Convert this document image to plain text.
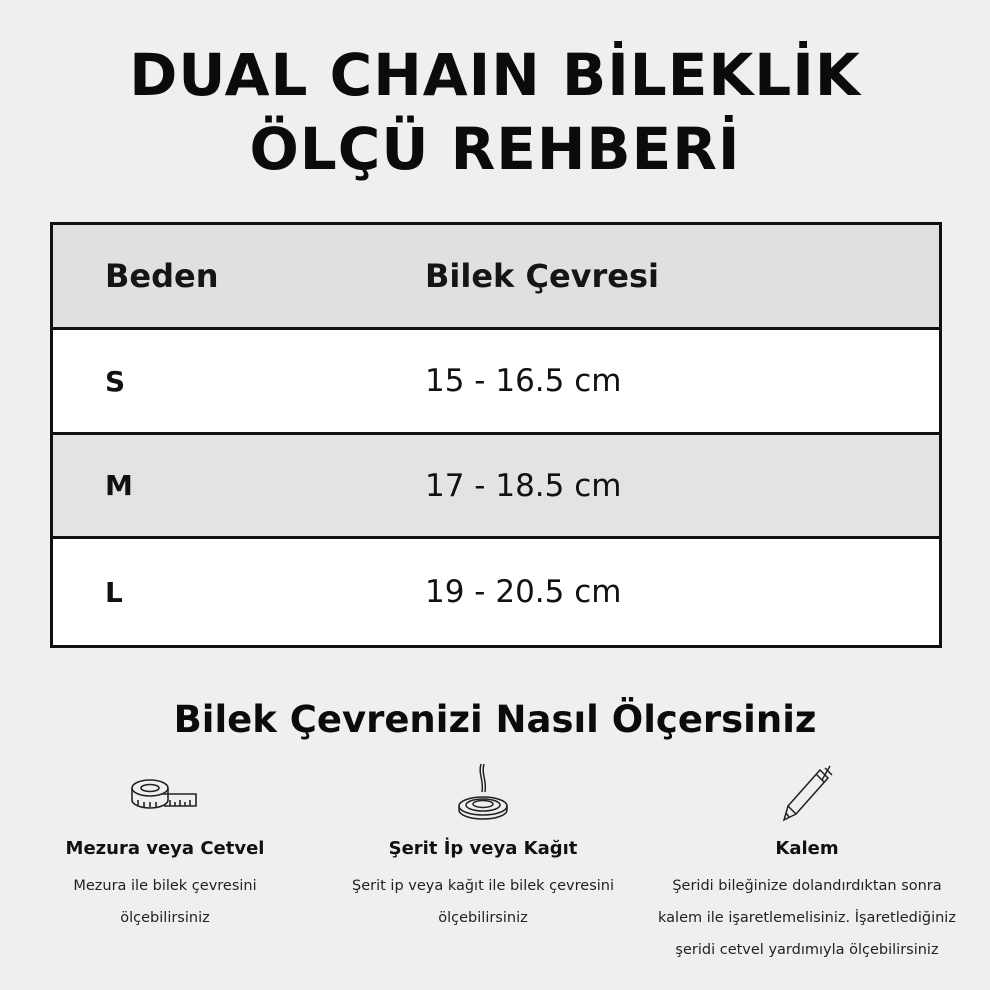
DUAL CHAIN BİLEKLİK
ÖLÇÜ REHBERİ
Beden	Bilek Çevresi
S	15 - 16.5 cm
M	17 - 18.5 cm
L	19 - 20.5 cm
Bilek Çevrenizi Nasıl Ölçersiniz
Mezura veya Cetvel
Mezura ile bilek çevresini
ölçebilirsiniz
Şerit İp veya Kağıt
Şerit ip veya kağıt ile bilek çevresini
ölçebilirsiniz
Kalem
Şeridi bileğinize dolandırdıktan sonra
kalem ile işaretlemelisiniz. İşaretlediğiniz
şeridi cetvel yardımıyla ölçebilirsiniz
